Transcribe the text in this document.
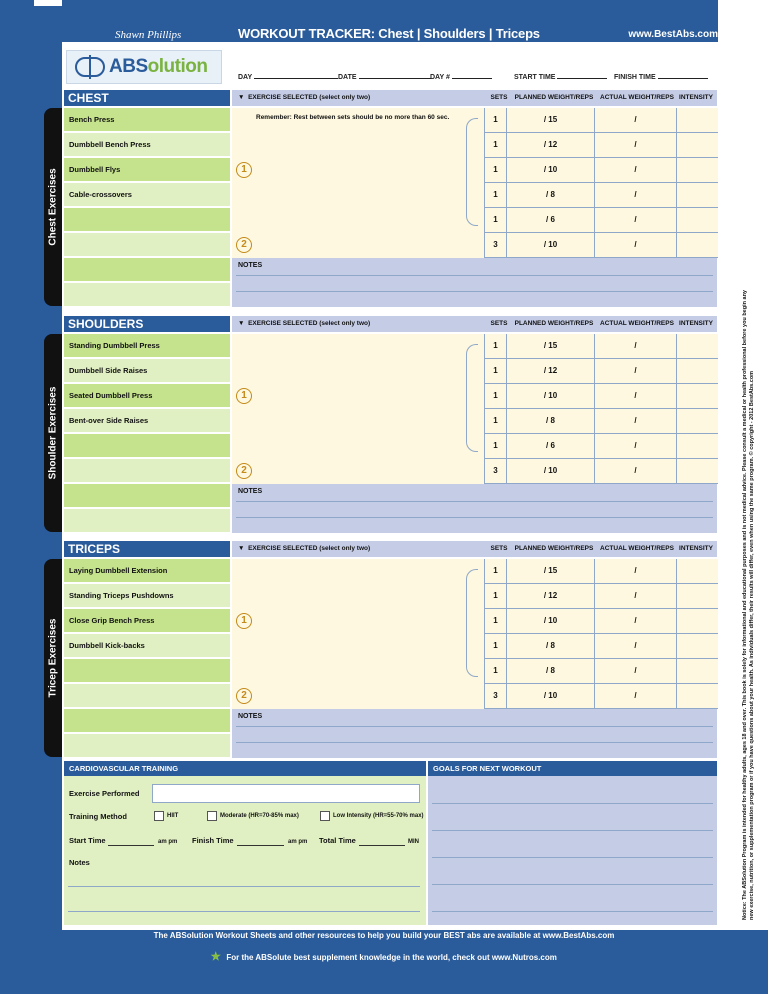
Shawn Phillips	WORKOUT TRACKER: Chest | Shoulders | Triceps	www.BestAbs.com
ABSolution
DAY	DATE	DAY #	START TIME	FINISH TIME
Chest Exercises
CHEST	▼ EXERCISE SELECTED (select only two)	SETS	PLANNED WEIGHT/REPS	ACTUAL WEIGHT/REPS INTENSITY
Bench Press
Dumbbell Bench Press
Dumbbell Flys
Cable-crossovers
1	/ 15	/
1	/ 12	/
1	/ 10	/
1	/ 8	/
1	/ 6	/
3	/ 10	/
1
2
NOTES
Shoulder Exercises
SHOULDERS	▼ EXERCISE SELECTED (select only two)	SETS	PLANNED WEIGHT/REPS	ACTUAL WEIGHT/REPS INTENSITY
Standing Dumbbell Press
Dumbbell Side Raises
Seated Dumbbell Press
Bent-over Side Raises
1	/ 15	/
1	/ 12	/
1	/ 10	/
1	/ 8	/
1	/ 6	/
3	/ 10	/
1
2
NOTES
Tricep Exercises
TRICEPS	▼ EXERCISE SELECTED (select only two)	SETS	PLANNED WEIGHT/REPS	ACTUAL WEIGHT/REPS INTENSITY
Laying Dumbbell Extension
Standing Triceps Pushdowns
Close Grip Bench Press
Dumbbell Kick-backs
1	/ 15	/
1	/ 12	/
1	/ 10	/
1	/ 8	/
1	/ 8	/
3	/ 10	/
1
2
NOTES
Remember: Rest between sets should be no more than 60 sec.
CARDIOVASCULAR TRAINING
Exercise Performed
Training Method	HIIT	Moderate (HR=70-85% max)	Low Intensity (HR=55-70% max)
Start Time	am pm Finish Time	am pm Total Time	MIN
Notes
GOALS FOR NEXT WORKOUT
The ABSolution Workout Sheets and other resources to help you build your BEST abs are available at www.BestAbs.com
✯ For the ABSolute best supplement knowledge in the world, check out www.Nutros.com
Notice: The ABSolution Program is intended for healthy adults, ages 18 and over. This book is solely for informational and educational purposes and is not medical advice. Please consult a medical or health professional before you begin any new exercise, nutrition, or supplementation program or if you have questions about your health. As individuals differ, their results will differ, even when using the same program. © copyright - 2012 BestAbs.com
